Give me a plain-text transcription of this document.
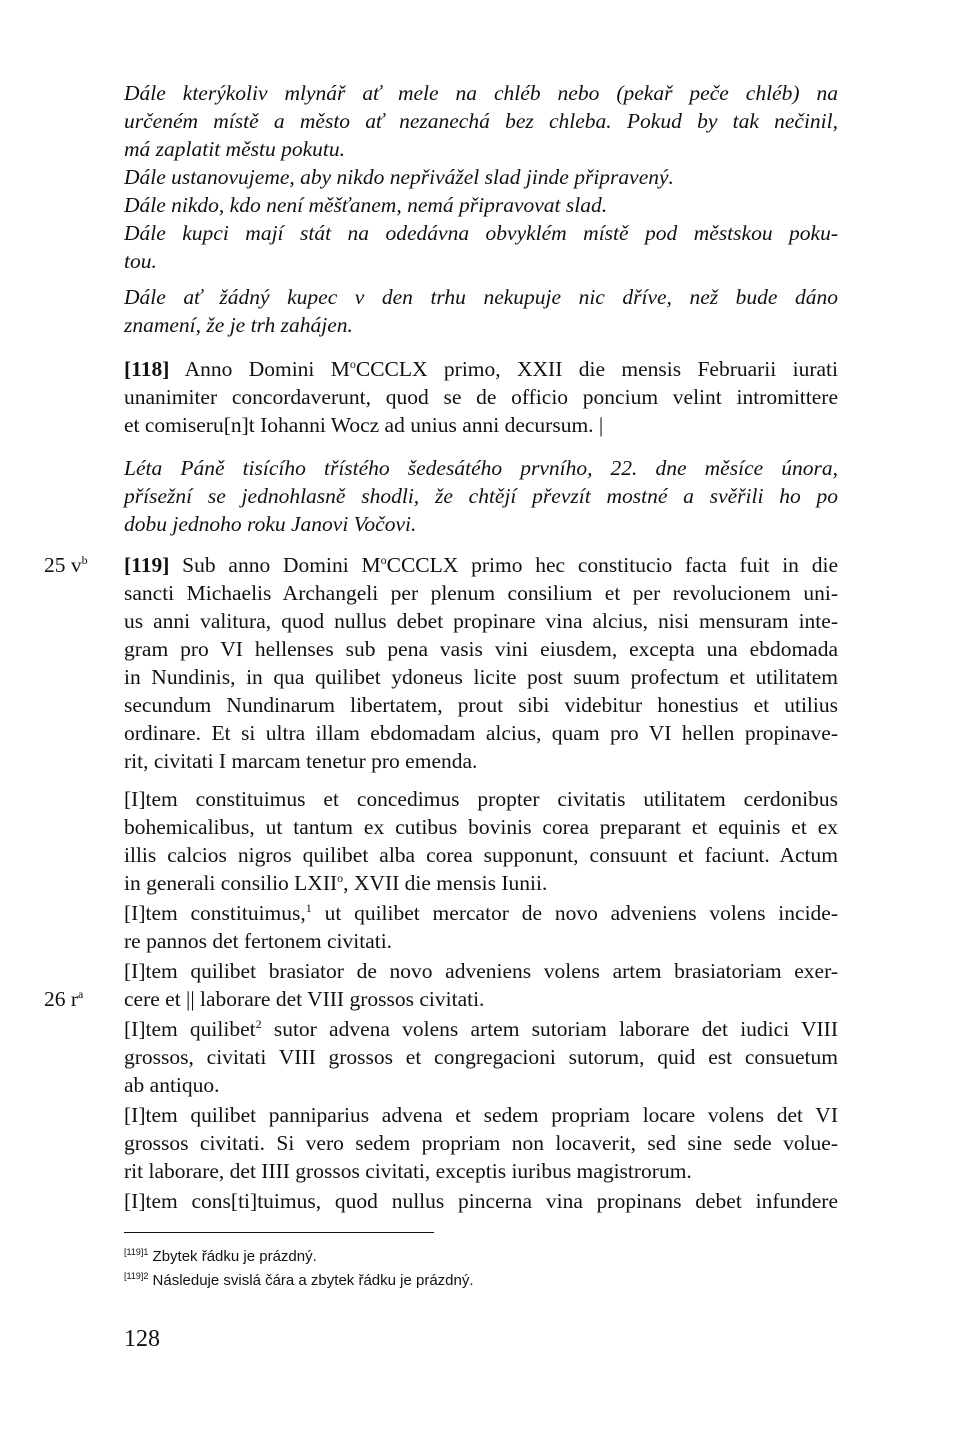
Dále kterýkoliv mlynář ať mele na chléb nebo (pekař peče chléb) na
určeném místě a město ať nezanechá bez chleba. Pokud by tak nečinil,
má zaplatit městu pokutu.
Dále ustanovujeme, aby nikdo nepřivážel slad jinde připravený.
Dále nikdo, kdo není měšťanem, nemá připravovat slad.
Dále kupci mají stát na odedávna obvyklém místě pod městskou poku-
tou.
Dále ať žádný kupec v den trhu nekupuje nic dříve, než bude dáno
znamení, že je trh zahájen.
[118] Anno Domini $M^oCCCLX$ primo, XXII die mensis Februarii iurati
unanimiter concordaverunt, quod se de officio poncium velint intromittere
et comiseru[n]t Iohanni Wocz ad unius anni decursum. |
Léta Páně tisícího třístého šedesátého prvního, 22. dne měsíce února,
přísežní se jednohlasně shodli, že chtějí převzít mostné a svěřili ho po
dobu jednoho roku Janovi Vočovi.
[119] Sub anno Domini $M^oCCCLX$ primo hec constitucio facta fuit in die
sancti Michaelis Archangeli per plenum consilium et per revolucionem uni-
us anni valitura, quod nullus debet propinare vina alcius, nisi mensuram inte-
gram pro VI hellenses sub pena vasis vini eiusdem, excepta una ebdomada
in Nundinis, in qua quilibet ydoneus licite post suum profectum et utilitatem
secundum Nundinarum libertatem, prout sibi videbitur honestius et utilius
ordinare. Et si ultra illam ebdomadam alcius, quam pro VI hellen propinave-
rit, civitati I marcam tenetur pro emenda.
[I]tem constituimus et concedimus propter civitatis utilitatem cerdonibus
bohemicalibus, ut tantum ex cutibus bovinis corea preparant et equinis et ex
illis calcios nigros quilibet alba corea supponunt, consuunt et faciunt. Actum
in generali consilio LXII$^o$, XVII die mensis Iunii.
[I]tem constituimus,$^1$ ut quilibet mercator de novo adveniens volens incide-
re pannos det fertonem civitati.
[I]tem quilibet brasiator de novo adveniens volens artem brasiatoriam exer-
cere et || laborare det VIII grossos civitati.
[I]tem quilibet$^2$ sutor advena volens artem sutoriam laborare det iudici VIII
grossos, civitati VIII grossos et congregacioni sutorum, quid est consuetum
ab antiquo.
[I]tem quilibet panniparius advena et sedem propriam locare volens det VI
grossos civitati. Si vero sedem propriam non locaverit, sed sine sede volue-
rit laborare, det IIII grossos civitati, exceptis iuribus magistrorum.
[I]tem cons[ti]tuimus, quod nullus pincerna vina propinans debet infundere
25 $v^b$
26 $r^a$
$^{[119]1}$ Zbytek řádku je prázdný.
$^{[119]2}$ Následuje svislá čára a zbytek řádku je prázdný.
128
